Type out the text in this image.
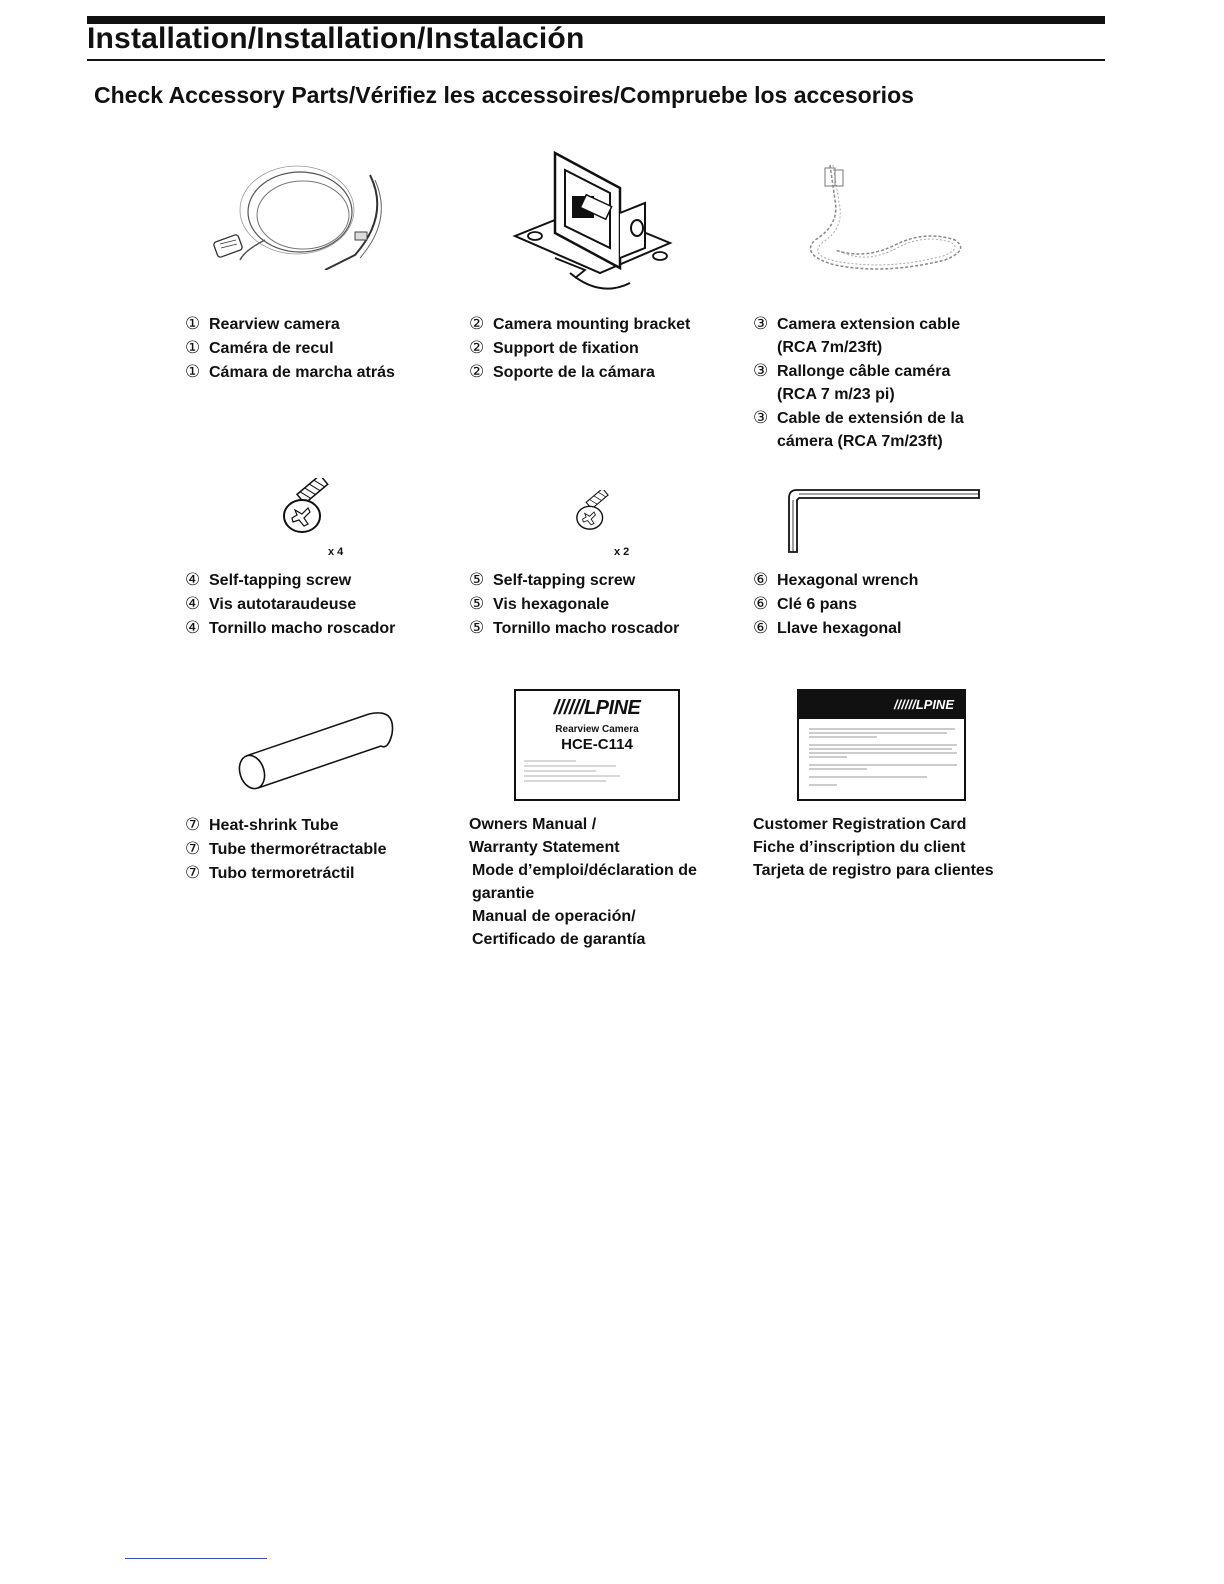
Installation/Installation/Instalación
Check Accessory Parts/Vérifiez les accessoires/Compruebe los accesorios
① Rearview camera
① Caméra de recul
① Cámara de marcha atrás
② Camera mounting bracket
② Support de fixation
② Soporte de la cámara
③ Camera extension cable
(RCA 7m/23ft)
③ Rallonge câble caméra
(RCA 7 m/23 pi)
③ Cable de extensión de la
cámera (RCA 7m/23ft)
x 4
④ Self-tapping screw
④ Vis autotaraudeuse
④ Tornillo macho roscador
x 2
⑤ Self-tapping screw
⑤ Vis hexagonale
⑤ Tornillo macho roscador
⑥ Hexagonal wrench
⑥ Clé 6 pans
⑥ Llave hexagonal
⑦ Heat-shrink Tube
⑦ Tube thermorétractable
⑦ Tubo termoretráctil
//////LPINE
Rearview Camera
HCE-C114
Owners Manual /
Warranty Statement
Mode d’emploi/déclaration de
garantie
Manual de operación/
Certificado de garantía
//////LPINE
Customer Registration Card
Fiche d’inscription du client
Tarjeta de registro para clientes
